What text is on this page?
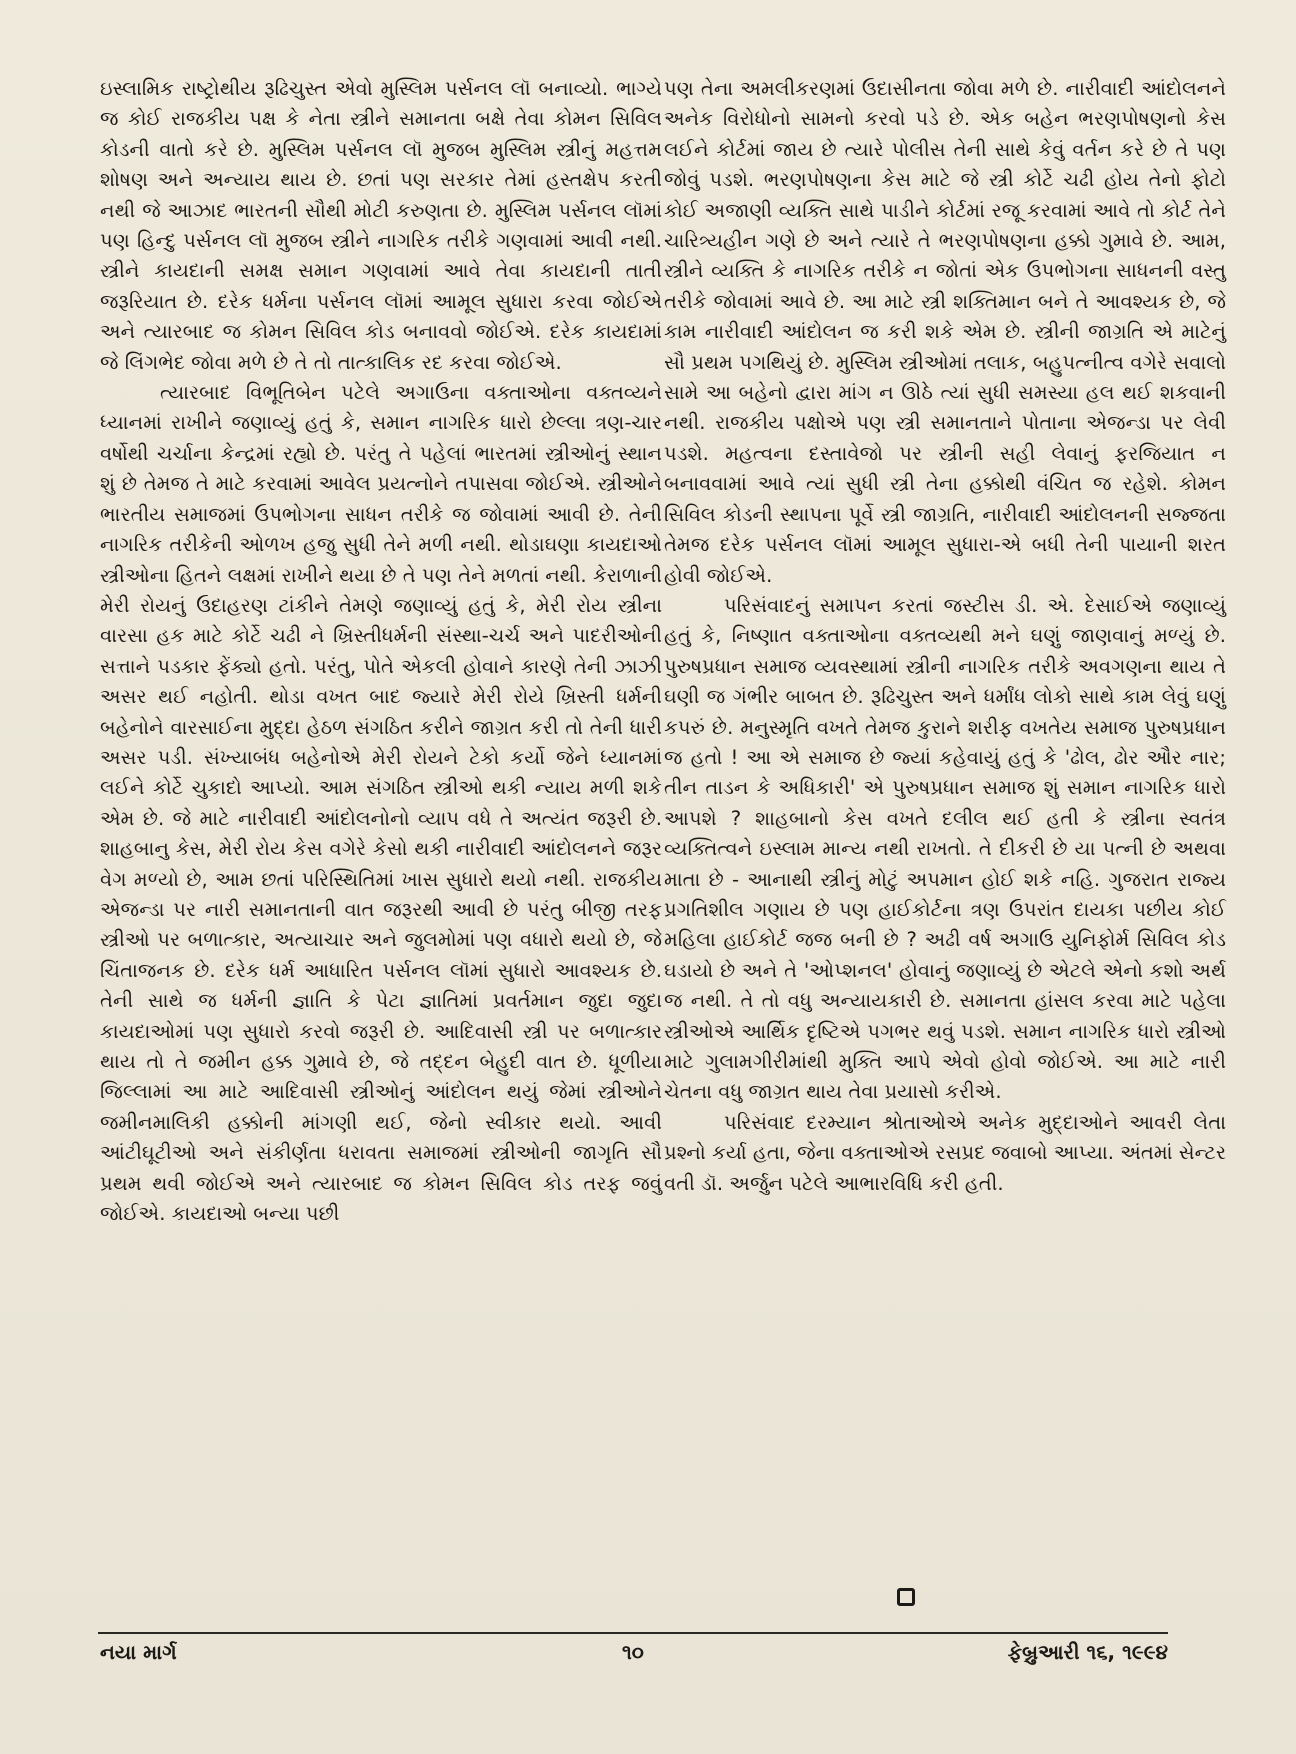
ઇસ્લામિક રાષ્ટ્રોથીય રૂઢિચુસ્ત એવો મુસ્લિમ પર્સનલ લૉ બનાવ્યો. ભાગ્યે જ કોઈ રાજકીય પક્ષ કે નેતા સ્ત્રીને સમાનતા બક્ષે તેવા કોમન સિવિલ કોડની વાતો કરે છે. મુસ્લિમ પર્સનલ લૉ મુજબ મુસ્લિમ સ્ત્રીનું મહત્તમ શોષણ અને અન્યાય થાય છે. છતાં પણ સરકાર તેમાં હસ્તક્ષેપ કરતી નથી જે આઝાદ ભારતની સૌથી મોટી કરુણતા છે. મુસ્લિમ પર્સનલ લૉમાં પણ હિન્દુ પર્સનલ લૉ મુજબ સ્ત્રીને નાગરિક તરીકે ગણવામાં આવી નથી. સ્ત્રીને કાયદાની સમક્ષ સમાન ગણવામાં આવે તેવા કાયદાની તાતી જરૂરિયાત છે. દરેક ધર્મના પર્સનલ લૉમાં આમૂલ સુધારા કરવા જોઈએ અને ત્યારબાદ જ કોમન સિવિલ કોડ બનાવવો જોઈએ. દરેક કાયદામાં જે લિંગભેદ જોવા મળે છે તે તો તાત્કાલિક રદ કરવા જોઈએ.

ત્યારબાદ વિભૂતિબેન પટેલે અગાઉના વક્તાઓના વક્તવ્યને ધ્યાનમાં રાખીને જણાવ્યું હતું કે, સમાન નાગરિક ધારો છેલ્લા ત્રણ-ચાર વર્ષોથી ચર્ચાના કેન્દ્રમાં રહ્યો છે. પરંતુ તે પહેલાં ભારતમાં સ્ત્રીઓનું સ્થાન શું છે તેમજ તે માટે કરવામાં આવેલ પ્રયત્નોને તપાસવા જોઈએ. સ્ત્રીઓને ભારતીય સમાજમાં ઉપભોગના સાધન તરીકે જ જોવામાં આવી છે. તેની નાગરિક તરીકેની ઓળખ હજુ સુધી તેને મળી નથી. થોડાઘણા કાયદાઓ સ્ત્રીઓના હિતને લક્ષમાં રાખીને થયા છે તે પણ તેને મળતાં નથી. કેરાળાની મેરી રોયનું ઉદાહરણ ટાંકીને તેમણે જણાવ્યું હતું કે, મેરી રોય સ્ત્રીના વારસા હક માટે કોર્ટે ચઢી ને ખ્રિસ્તીધર્મની સંસ્થા-ચર્ચ અને પાદરીઓની સત્તાને પડકાર ફેંક્યો હતો. પરંતુ, પોતે એકલી હોવાને કારણે તેની ઝાઝી અસર થઈ નહોતી. થોડા વખત બાદ જ્યારે મેરી રોયે ખ્રિસ્તી ધર્મની બહેનોને વારસાઈના મુદ્દા હેઠળ સંગઠિત કરીને જાગ્રત કરી તો તેની ધારી અસર પડી. સંખ્યાબંધ બહેનોએ મેરી રોયને ટેકો કર્યો જેને ધ્યાનમાં લઈને કોર્ટે ચુકાદો આપ્યો. આમ સંગઠિત સ્ત્રીઓ થકી ન્યાય મળી શકે એમ છે. જે માટે નારીવાદી આંદોલનોનો વ્યાપ વધે તે અત્યંત જરૂરી છે. શાહબાનુ કેસ, મેરી રોય કેસ વગેરે કેસો થકી નારીવાદી આંદોલનને જરૂર વેગ મળ્યો છે, આમ છતાં પરિસ્થિતિમાં ખાસ સુધારો થયો નથી. રાજકીય એજન્ડા પર નારી સમાનતાની વાત જરૂરથી આવી છે પરંતુ બીજી તરફ સ્ત્રીઓ પર બળાત્કાર, અત્યાચાર અને જુલમોમાં પણ વધારો થયો છે, જે ચિંતાજનક છે. દરેક ધર્મ આધારિત પર્સનલ લૉમાં સુધારો આવશ્યક છે. તેની સાથે જ ધર્મની જ્ઞાતિ કે પેટા જ્ઞાતિમાં પ્રવર્તમાન જુદા જુદા કાયદાઓમાં પણ સુધારો કરવો જરૂરી છે. આદિવાસી સ્ત્રી પર બળાત્કાર થાય તો તે જમીન હક્ક ગુમાવે છે, જે તદ્દન બેહુદી વાત છે. ધૂળીયા જિલ્લામાં આ માટે આદિવાસી સ્ત્રીઓનું આંદોલન થયું જેમાં સ્ત્રીઓને જમીનમાલિકી હક્કોની માંગણી થઈ, જેનો સ્વીકાર થયો. આવી આંટીઘૂટીઓ અને સંકીર્ણતા ધરાવતા સમાજમાં સ્ત્રીઓની જાગૃતિ સૌ પ્રથમ થવી જોઈએ અને ત્યારબાદ જ કોમન સિવિલ કોડ તરફ જવું જોઈએ. કાયદાઓ બન્યા પછી

પણ તેના અમલીકરણમાં ઉદાસીનતા જોવા મળે છે. નારીવાદી આંદોલનને અનેક વિરોધોનો સામનો કરવો પડે છે. એક બહેન ભરણપોષણનો કેસ લઈને કોર્ટમાં જાય છે ત્યારે પોલીસ તેની સાથે કેવું વર્તન કરે છે તે પણ જોવું પડશે. ભરણપોષણના કેસ માટે જે સ્ત્રી કોર્ટે ચઢી હોય તેનો ફોટો કોઈ અજાણી વ્યક્તિ સાથે પાડીને કોર્ટમાં રજૂ કરવામાં આવે તો કોર્ટ તેને ચારિત્ર્યહીન ગણે છે અને ત્યારે તે ભરણપોષણના હક્કો ગુમાવે છે. આમ, સ્ત્રીને વ્યક્તિ કે નાગરિક તરીકે ન જોતાં એક ઉપભોગના સાધનની વસ્તુ તરીકે જોવામાં આવે છે. આ માટે સ્ત્રી શક્તિમાન બને તે આવશ્યક છે, જે કામ નારીવાદી આંદોલન જ કરી શકે એમ છે. સ્ત્રીની જાગ્રતિ એ માટેનું સૌ પ્રથમ પગથિયું છે. મુસ્લિમ સ્ત્રીઓમાં તલાક, બહુપત્નીત્વ વગેરે સવાલો સામે આ બહેનો દ્વારા માંગ ન ઊઠે ત્યાં સુધી સમસ્યા હલ થઈ શકવાની નથી. રાજકીય પક્ષોએ પણ સ્ત્રી સમાનતાને પોતાના એજન્ડા પર લેવી પડશે. મહત્વના દસ્તાવેજો પર સ્ત્રીની સહી લેવાનું ફરજિયાત ન બનાવવામાં આવે ત્યાં સુધી સ્ત્રી તેના હક્કોથી વંચિત જ રહેશે. કોમન સિવિલ કોડની સ્થાપના પૂર્વે સ્ત્રી જાગ્રતિ, નારીવાદી આંદોલનની સજ્જતા તેમજ દરેક પર્સનલ લૉમાં આમૂલ સુધારા-એ બધી તેની પાયાની શરત હોવી જોઈએ.

પરિસંવાદનું સમાપન કરતાં જસ્ટીસ ડી. એ. દેસાઈએ જણાવ્યું હતું કે, નિષ્ણાત વક્તાઓના વક્તવ્યથી મને ઘણું જાણવાનું મળ્યું છે. પુરુષપ્રધાન સમાજ વ્યવસ્થામાં સ્ત્રીની નાગરિક તરીકે અવગણના થાય તે ઘણી જ ગંભીર બાબત છે. રૂઢિચુસ્ત અને ધર્માંધ લોકો સાથે કામ લેવું ઘણું કપરું છે. મનુસ્મૃતિ વખતે તેમજ કુરાને શરીફ વખતેય સમાજ પુરુષપ્રધાન જ હતો ! આ એ સમાજ છે જ્યાં કહેવાયું હતું કે 'ઢોલ, ઢોર ઔર નાર; તીન તાડન કે અધિકારી' એ પુરુષપ્રધાન સમાજ શું સમાન નાગરિક ધારો આપશે ? શાહબાનો કેસ વખતે દલીલ થઈ હતી કે સ્ત્રીના સ્વતંત્ર વ્યક્તિત્વને ઇસ્લામ માન્ય નથી રાખતો. તે દીકરી છે યા પત્ની છે અથવા માતા છે - આનાથી સ્ત્રીનું મોટું અપમાન હોઈ શકે નહિ. ગુજરાત રાજ્ય પ્રગતિશીલ ગણાય છે પણ હાઈકોર્ટના ત્રણ ઉપરાંત દાયકા પછીય કોઈ મહિલા હાઈકોર્ટ જજ બની છે ? અઢી વર્ષ અગાઉ યુનિફોર્મ સિવિલ કોડ ઘડાયો છે અને તે 'ઓપ્શનલ' હોવાનું જણાવ્યું છે એટલે એનો કશો અર્થ જ નથી. તે તો વધુ અન્યાયકારી છે. સમાનતા હાંસલ કરવા માટે પહેલા સ્ત્રીઓએ આર્થિક દૃષ્ટિએ પગભર થવું પડશે. સમાન નાગરિક ધારો સ્ત્રીઓ માટે ગુલામગીરીમાંથી મુક્તિ આપે એવો હોવો જોઈએ. આ માટે નારી ચેતના વધુ જાગ્રત થાય તેવા પ્રયાસો કરીએ.

પરિસંવાદ દરમ્યાન શ્રોતાઓએ અનેક મુદ્દાઓને આવરી લેતા પ્રશ્નો કર્યા હતા, જેના વક્તાઓએ રસપ્રદ જવાબો આપ્યા. અંતમાં સેન્ટર વતી ડૉ. અર્જુન પટેલે આભારવિધિ કરી હતી.

નયા માર્ગ	૧૦	ફેબ્રુઆરી ૧૬, ૧૯૯૪
